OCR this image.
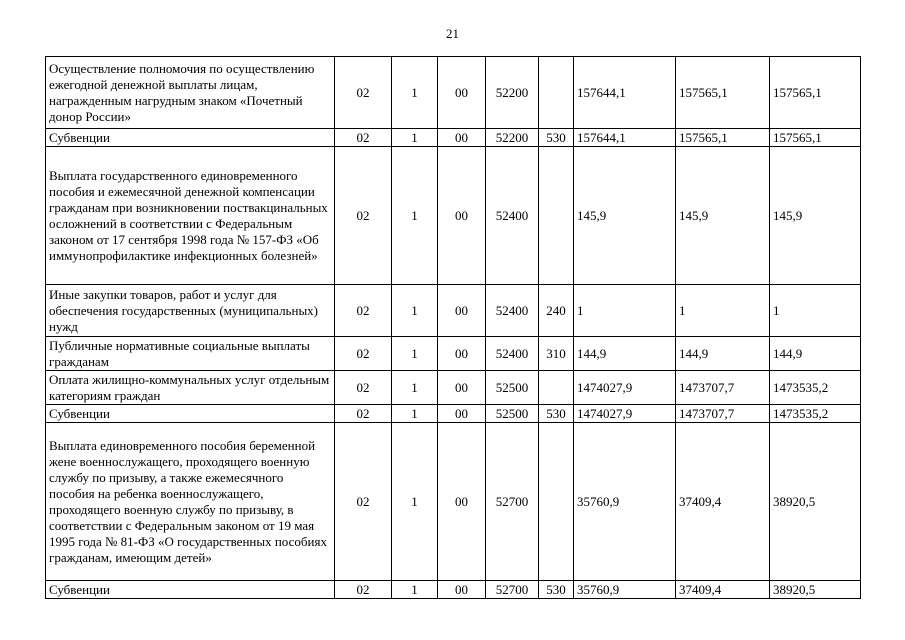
21
Осуществление полномочия по осуществлению ежегодной денежной выплаты лицам, награжденным нагрудным знаком «Почетный донор России»	02	1	00	52200		157644,1	157565,1	157565,1
Субвенции	02	1	00	52200	530	157644,1	157565,1	157565,1
Выплата государственного единовременного пособия и ежемесячной денежной компенсации гражданам при возникновении поствакцинальных осложнений в соответствии с Федеральным законом от 17 сентября 1998 года № 157-ФЗ «Об иммунопрофилактике инфекционных болезней»	02	1	00	52400		145,9	145,9	145,9
Иные закупки товаров, работ и услуг для обеспечения государственных (муниципальных) нужд	02	1	00	52400	240	1	1	1
Публичные нормативные социальные выплаты гражданам	02	1	00	52400	310	144,9	144,9	144,9
Оплата жилищно-коммунальных услуг отдельным категориям граждан	02	1	00	52500		1474027,9	1473707,7	1473535,2
Субвенции	02	1	00	52500	530	1474027,9	1473707,7	1473535,2
Выплата единовременного пособия беременной жене военнослужащего, проходящего военную службу по призыву, а также ежемесячного пособия на ребенка военнослужащего, проходящего военную службу по призыву, в соответствии с Федеральным законом от 19 мая 1995 года № 81-ФЗ «О государственных пособиях гражданам, имеющим детей»	02	1	00	52700		35760,9	37409,4	38920,5
Субвенции	02	1	00	52700	530	35760,9	37409,4	38920,5
